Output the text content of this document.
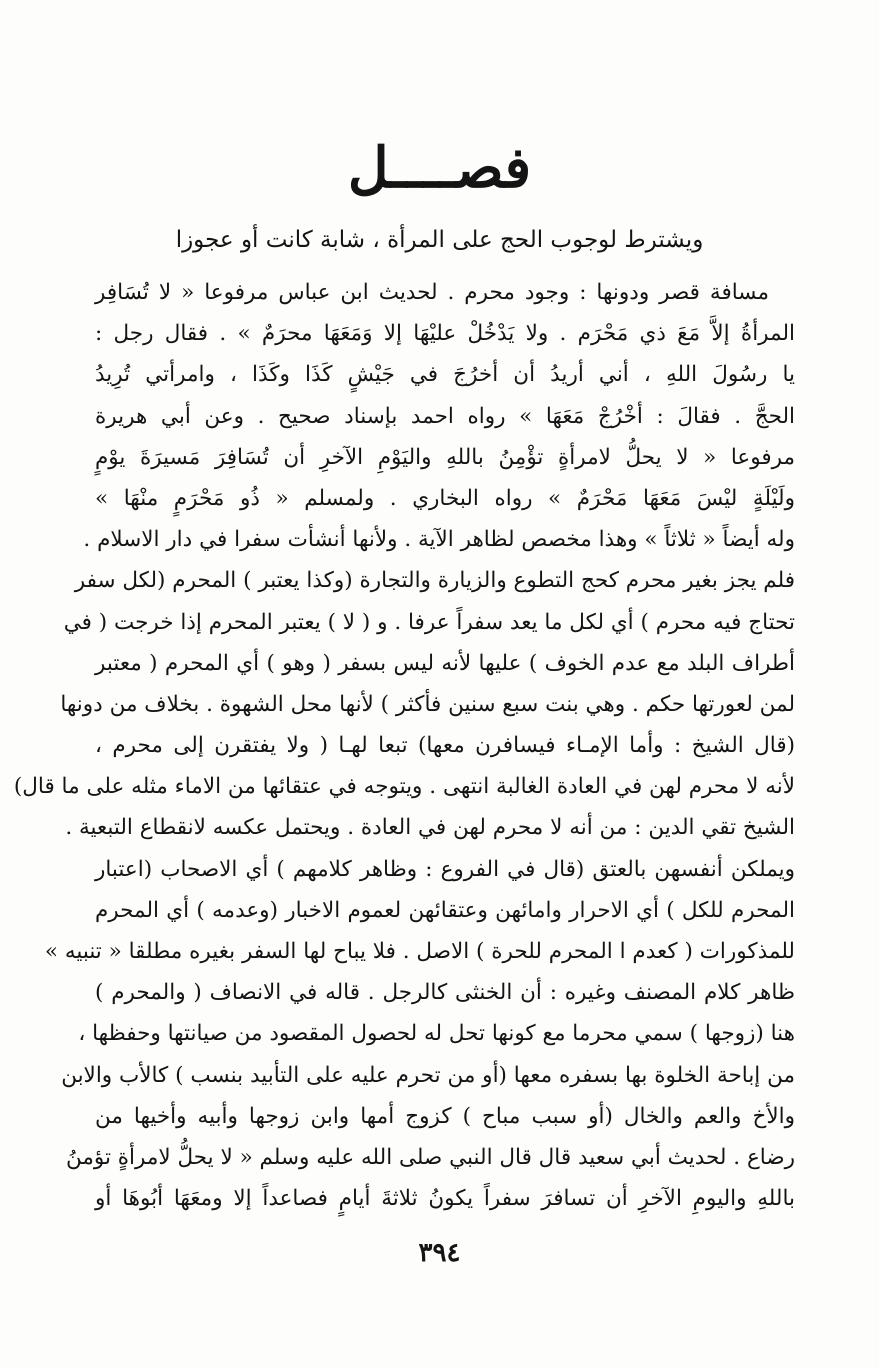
فصــــل
ويشترط لوجوب الحج على المرأة ، شابة كانت أو عجوزا
مسافة قصر ودونها : وجود محرم . لحديث ابن عباس مرفوعا « لا تُسَافِر
المرأةُ إلاَّ مَعَ ذي مَحْرَم . ولا يَدْخُلْ عليْهَا إلا وَمَعَهَا محرَمٌ » . فقال رجل :
يا رسُولَ اللهِ ، أني أريدُ أن أخرُجَ في جَيْشٍ كَذَا وكَذَا ، وامرأتي تُرِيدُ
الحجَّ . فقالَ : أخْرُجْ مَعَهَا » رواه احمد بإسناد صحيح . وعن أبي هريرة
مرفوعا « لا يحلُّ لامرأةٍ تؤْمِنُ باللهِ واليَوْمِ الآخرِ أن تُسَافِرَ مَسيرَةَ يوْمٍ
ولَيْلَةٍ ليْسَ مَعَهَا مَحْرَمٌ » رواه البخاري . ولمسلم « ذُو مَحْرَمٍ منْهَا »
وله أيضاً « ثلاثاً » وهذا مخصص لظاهر الآية . ولأنها أنشأت سفرا في دار الاسلام .
فلم يجز بغير محرم كحج التطوع والزيارة والتجارة (وكذا يعتبر ) المحرم (لكل سفر
تحتاج فيه محرم ) أي لكل ما يعد سفراً عرفا . و ( لا ) يعتبر المحرم إذا خرجت ( في
أطراف البلد مع عدم الخوف ) عليها لأنه ليس بسفر ( وهو ) أي المحرم ( معتبر
لمن لعورتها حكم . وهي بنت سبع سنين فأكثر ) لأنها محل الشهوة . بخلاف من دونها
(قال الشيخ : وأما الإمـاء فيسافرن معها) تبعا لهـا ( ولا يفتقرن إلى محرم ،
لأنه لا محرم لهن في العادة الغالبة انتهى . ويتوجه في عتقائها من الاماء مثله على ما قال)
الشيخ تقي الدين : من أنه لا محرم لهن في العادة . ويحتمل عكسه لانقطاع التبعية .
ويملكن أنفسهن بالعتق (قال في الفروع : وظاهر كلامهم ) أي الاصحاب (اعتبار
المحرم للكل ) أي الاحرار وامائهن وعتقائهن لعموم الاخبار (وعدمه ) أي المحرم
للمذكورات ( كعدم ا المحرم للحرة ) الاصل . فلا يباح لها السفر بغيره مطلقا « تنبيه »
ظاهر كلام المصنف وغيره : أن الخنثى كالرجل . قاله في الانصاف ( والمحرم )
هنا (زوجها ) سمي محرما مع كونها تحل له لحصول المقصود من صيانتها وحفظها ،
من إباحة الخلوة بها بسفره معها (أو من تحرم عليه على التأبيد بنسب ) كالأب والابن
والأخ والعم والخال (أو سبب مباح ) كزوج أمها وابن زوجها وأبيه وأخيها من
رضاع . لحديث أبي سعيد قال قال النبي صلى الله عليه وسلم « لا يحلُّ لامرأةٍ تؤمنُ
باللهِ واليومِ الآخرِ أن تسافرَ سفراً يكونُ ثلاثةَ أيامٍ فصاعداً إلا ومعَهَا أبُوهَا أو
٣٩٤
